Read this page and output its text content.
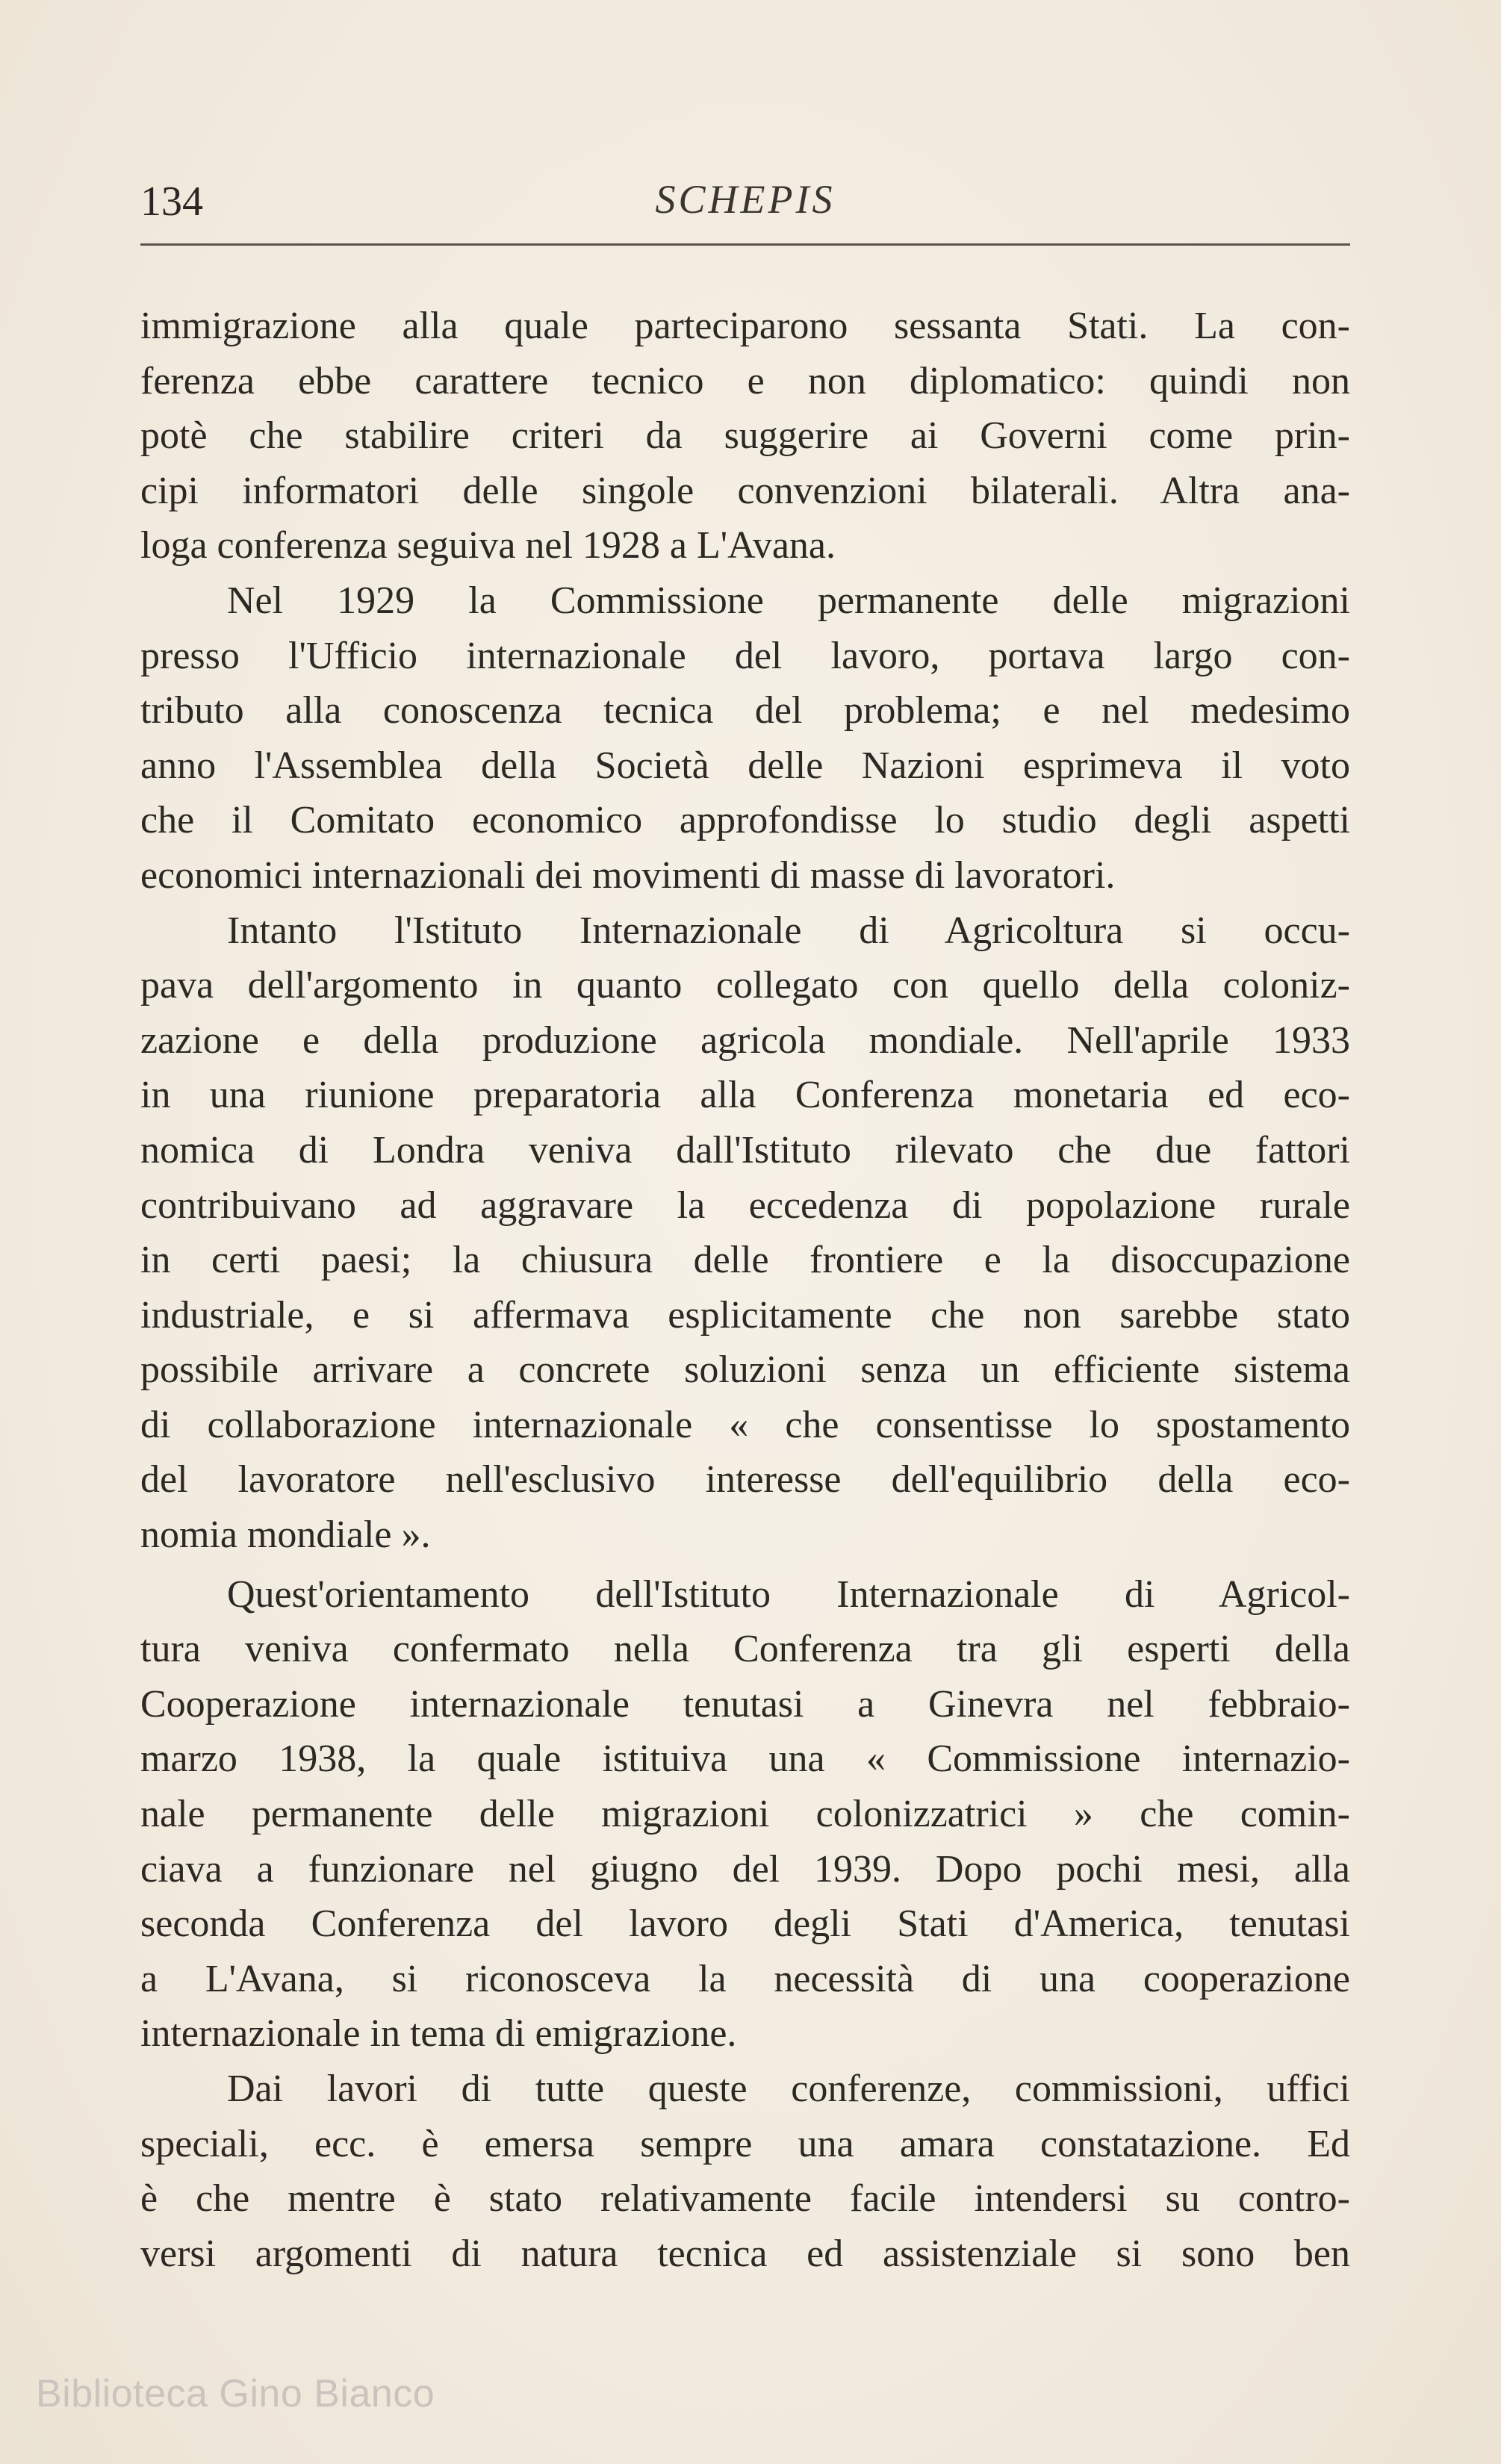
134	SCHEPIS
immigrazione alla quale parteciparono sessanta Stati. La con-
ferenza ebbe carattere tecnico e non diplomatico: quindi non
potè che stabilire criteri da suggerire ai Governi come prin-
cipi informatori delle singole convenzioni bilaterali. Altra ana-
loga conferenza seguiva nel 1928 a L'Avana.
Nel 1929 la Commissione permanente delle migrazioni
presso l'Ufficio internazionale del lavoro, portava largo con-
tributo alla conoscenza tecnica del problema; e nel medesimo
anno l'Assemblea della Società delle Nazioni esprimeva il voto
che il Comitato economico approfondisse lo studio degli aspetti
economici internazionali dei movimenti di masse di lavoratori.
Intanto l'Istituto Internazionale di Agricoltura si occu-
pava dell'argomento in quanto collegato con quello della coloniz-
zazione e della produzione agricola mondiale. Nell'aprile 1933
in una riunione preparatoria alla Conferenza monetaria ed eco-
nomica di Londra veniva dall'Istituto rilevato che due fattori
contribuivano ad aggravare la eccedenza di popolazione rurale
in certi paesi; la chiusura delle frontiere e la disoccupazione
industriale, e si affermava esplicitamente che non sarebbe stato
possibile arrivare a concrete soluzioni senza un efficiente sistema
di collaborazione internazionale « che consentisse lo spostamento
del lavoratore nell'esclusivo interesse dell'equilibrio della eco-
nomia mondiale ».
Quest'orientamento dell'Istituto Internazionale di Agricol-
tura veniva confermato nella Conferenza tra gli esperti della
Cooperazione internazionale tenutasi a Ginevra nel febbraio-
marzo 1938, la quale istituiva una « Commissione internazio-
nale permanente delle migrazioni colonizzatrici » che comin-
ciava a funzionare nel giugno del 1939. Dopo pochi mesi, alla
seconda Conferenza del lavoro degli Stati d'America, tenutasi
a L'Avana, si riconosceva la necessità di una cooperazione
internazionale in tema di emigrazione.
Dai lavori di tutte queste conferenze, commissioni, uffici
speciali, ecc. è emersa sempre una amara constatazione. Ed
è che mentre è stato relativamente facile intendersi su contro-
versi argomenti di natura tecnica ed assistenziale si sono ben
Biblioteca Gino Bianco
